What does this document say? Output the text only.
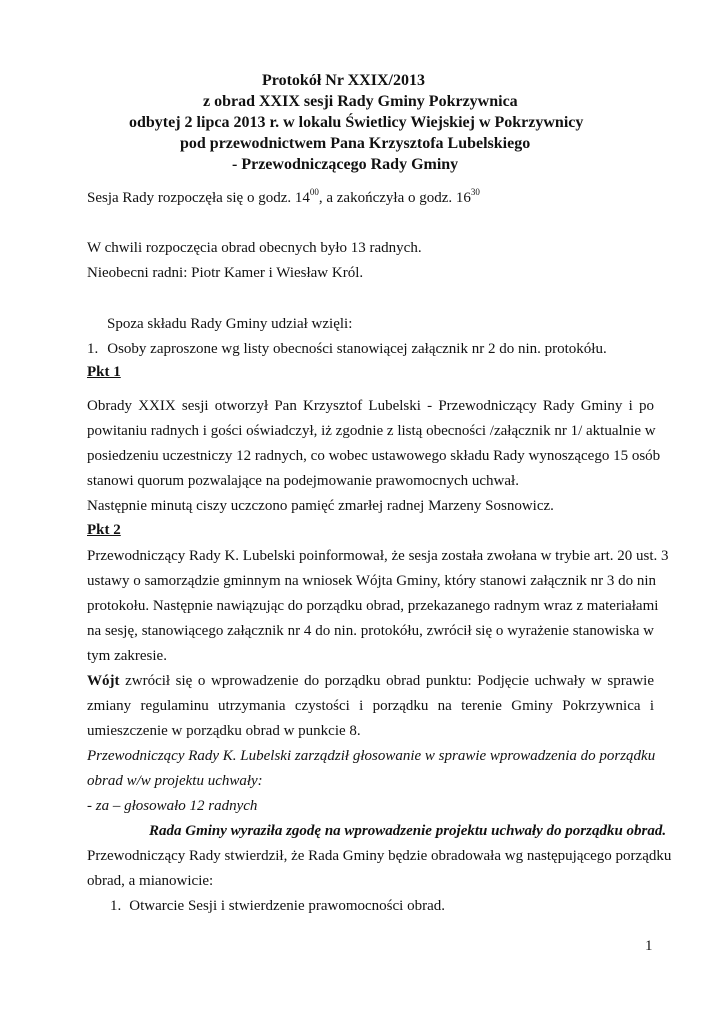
Protokół Nr XXIX/2013
z obrad XXIX sesji Rady Gminy Pokrzywnica
odbytej 2 lipca 2013 r. w lokalu Świetlicy Wiejskiej w Pokrzywnicy
pod przewodnictwem Pana Krzysztofa Lubelskiego
- Przewodniczącego Rady Gminy
Sesja Rady rozpoczęła się o godz. $14^{00}$, a zakończyła o godz. $16^{30}$
W chwili rozpoczęcia obrad obecnych było 13 radnych.
Nieobecni radni: Piotr Kamer i Wiesław Król.
Spoza składu Rady Gminy udział wzięli:
1. Osoby zaproszone wg listy obecności stanowiącej załącznik nr 2 do nin. protokółu.
Pkt 1
Obrady XXIX sesji otworzył Pan Krzysztof Lubelski - Przewodniczący Rady Gminy i po
powitaniu radnych i gości oświadczył, iż zgodnie z listą obecności /załącznik nr 1/ aktualnie w
posiedzeniu uczestniczy 12 radnych, co wobec ustawowego składu Rady wynoszącego 15 osób
stanowi quorum pozwalające na podejmowanie prawomocnych uchwał.
Następnie minutą ciszy uczczono pamięć zmarłej radnej Marzeny Sosnowicz.
Pkt 2
Przewodniczący Rady K. Lubelski poinformował, że sesja została zwołana w trybie art. 20 ust. 3
ustawy o samorządzie gminnym na wniosek Wójta Gminy, który stanowi załącznik nr 3 do nin
protokołu. Następnie nawiązując do porządku obrad, przekazanego radnym wraz z materiałami
na sesję, stanowiącego załącznik nr 4 do nin. protokółu, zwrócił się o wyrażenie stanowiska w
tym zakresie.
Wójt zwrócił się o wprowadzenie do porządku obrad punktu: Podjęcie uchwały w sprawie
zmiany regulaminu utrzymania czystości i porządku na terenie Gminy Pokrzywnica i
umieszczenie w porządku obrad w punkcie 8.
Przewodniczący Rady K. Lubelski zarządził głosowanie w sprawie wprowadzenia do porządku
obrad w/w projektu uchwały:
- za – głosowało 12 radnych
Rada Gminy wyraziła zgodę na wprowadzenie projektu uchwały do porządku obrad.
Przewodniczący Rady stwierdził, że Rada Gminy będzie obradowała wg następującego porządku
obrad, a mianowicie:
1. Otwarcie Sesji i stwierdzenie prawomocności obrad.
1
